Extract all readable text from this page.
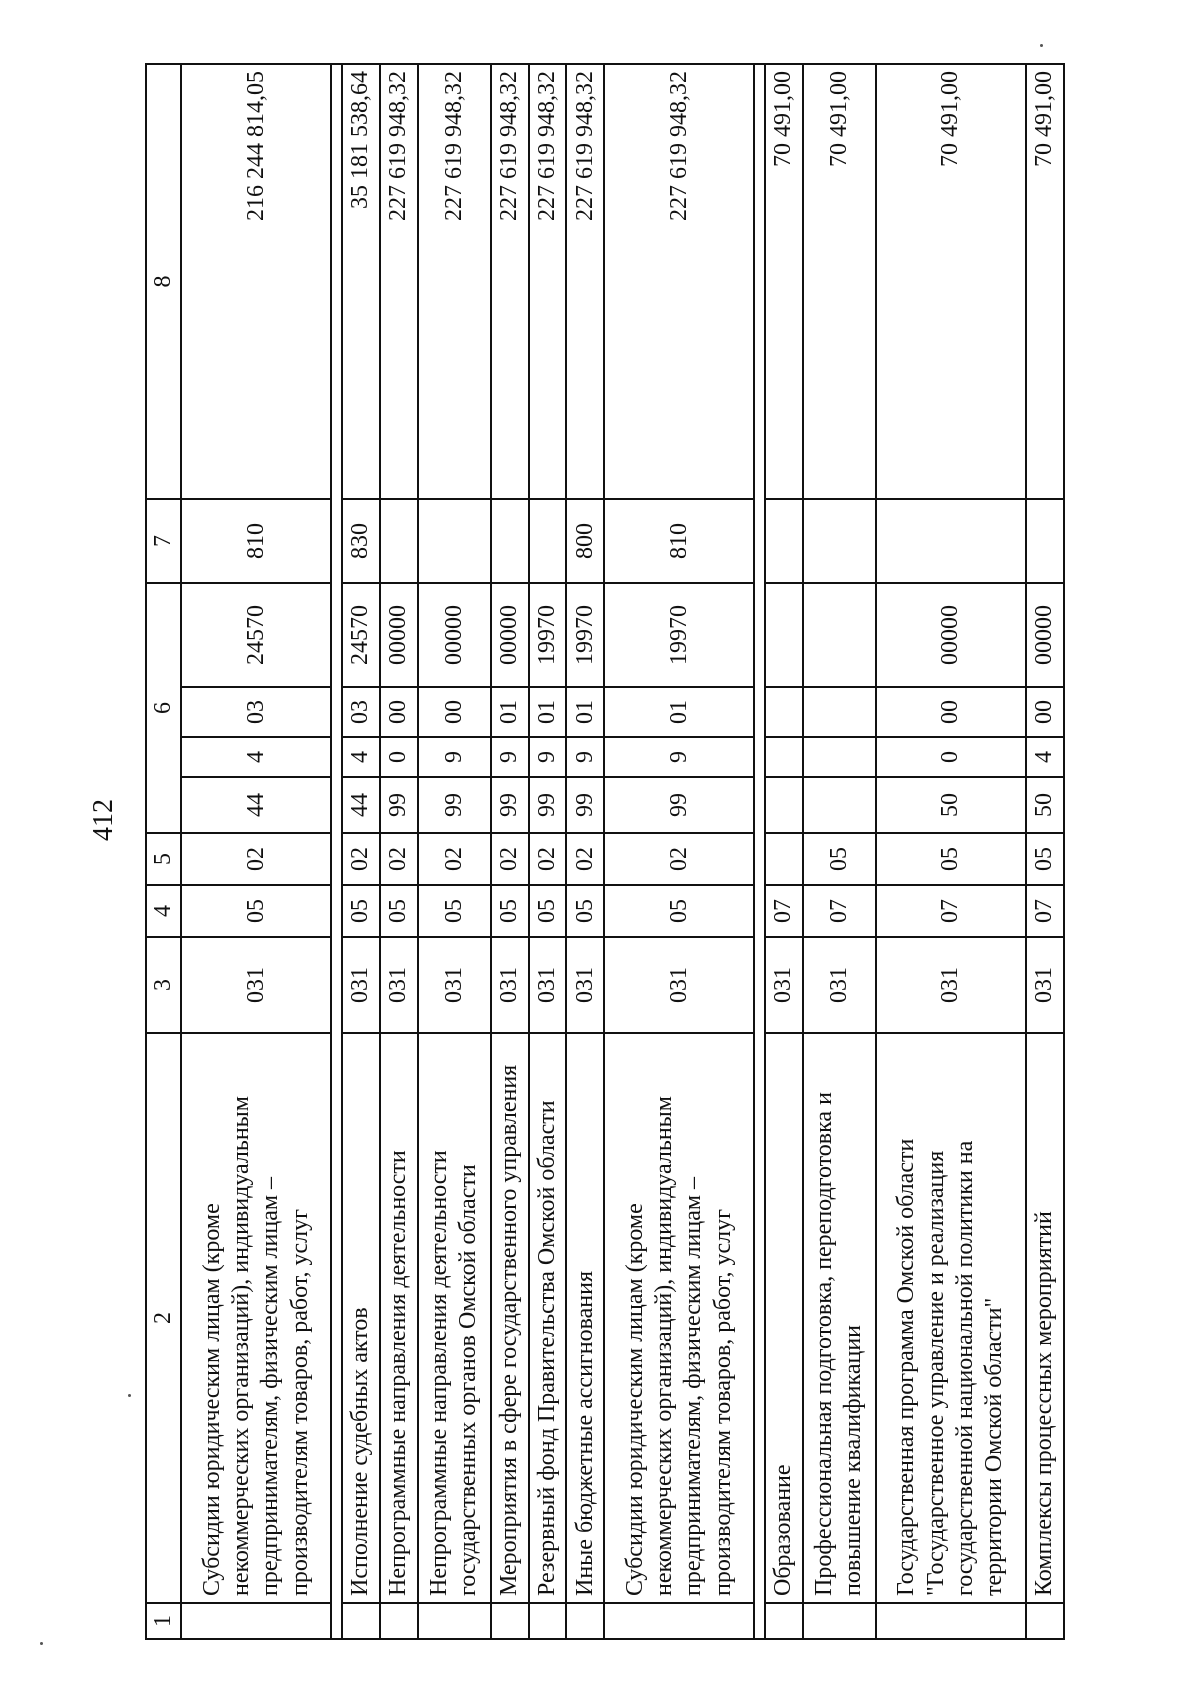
412
1	2	3	4	5	6				7	8
	Субсидии юридическим лицам (кроме некоммерческих организаций), индивидуальным предпринимателям, физическим лицам – производителям товаров, работ, услуг	031	05	02	44	4	03	24570	810	216 244 814,05

	Исполнение судебных актов	031	05	02	44	4	03	24570	830	35 181 538,64
	Непрограммные направления деятельности	031	05	02	99	0	00	00000		227 619 948,32
	Непрограммные направления деятельности государственных органов Омской области	031	05	02	99	9	00	00000		227 619 948,32
	Мероприятия в сфере государственного управления	031	05	02	99	9	01	00000		227 619 948,32
	Резервный фонд Правительства Омской области	031	05	02	99	9	01	19970		227 619 948,32
	Иные бюджетные ассигнования	031	05	02	99	9	01	19970	800	227 619 948,32
	Субсидии юридическим лицам (кроме некоммерческих организаций), индивидуальным предпринимателям, физическим лицам – производителям товаров, работ, услуг	031	05	02	99	9	01	19970	810	227 619 948,32

	Образование	031	07							70 491,00
	Профессиональная подготовка, переподготовка и повышение квалификации	031	07	05						70 491,00
	Государственная программа Омской области "Государственное управление и реализация государственной национальной политики на территории Омской области"	031	07	05	50	0	00	00000		70 491,00
	Комплексы процессных мероприятий	031	07	05	50	4	00	00000		70 491,00
